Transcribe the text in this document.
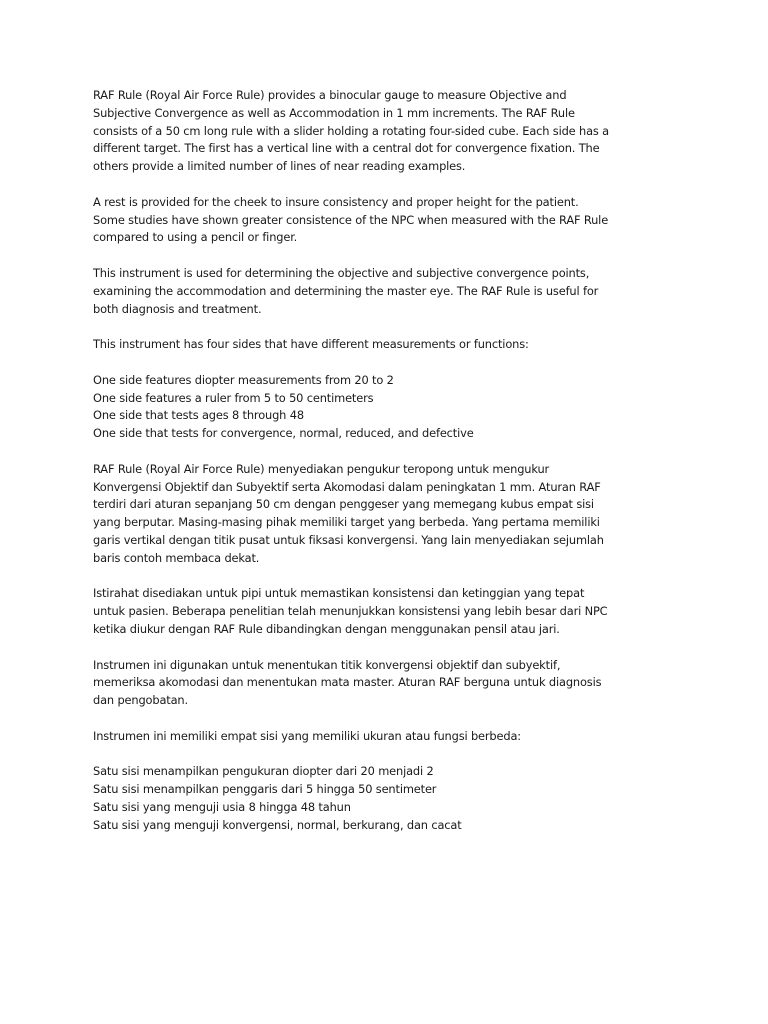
RAF Rule (Royal Air Force Rule) provides a binocular gauge to measure Objective and
Subjective Convergence as well as Accommodation in 1 mm increments. The RAF Rule
consists of a 50 cm long rule with a slider holding a rotating four-sided cube. Each side has a
different target. The first has a vertical line with a central dot for convergence fixation. The
others provide a limited number of lines of near reading examples.

A rest is provided for the cheek to insure consistency and proper height for the patient.
Some studies have shown greater consistence of the NPC when measured with the RAF Rule
compared to using a pencil or finger.

This instrument is used for determining the objective and subjective convergence points,
examining the accommodation and determining the master eye. The RAF Rule is useful for
both diagnosis and treatment.

This instrument has four sides that have different measurements or functions:

One side features diopter measurements from 20 to 2
One side features a ruler from 5 to 50 centimeters
One side that tests ages 8 through 48
One side that tests for convergence, normal, reduced, and defective

RAF Rule (Royal Air Force Rule) menyediakan pengukur teropong untuk mengukur
Konvergensi Objektif dan Subyektif serta Akomodasi dalam peningkatan 1 mm. Aturan RAF
terdiri dari aturan sepanjang 50 cm dengan penggeser yang memegang kubus empat sisi
yang berputar. Masing-masing pihak memiliki target yang berbeda. Yang pertama memiliki
garis vertikal dengan titik pusat untuk fiksasi konvergensi. Yang lain menyediakan sejumlah
baris contoh membaca dekat.

Istirahat disediakan untuk pipi untuk memastikan konsistensi dan ketinggian yang tepat
untuk pasien. Beberapa penelitian telah menunjukkan konsistensi yang lebih besar dari NPC
ketika diukur dengan RAF Rule dibandingkan dengan menggunakan pensil atau jari.

Instrumen ini digunakan untuk menentukan titik konvergensi objektif dan subyektif,
memeriksa akomodasi dan menentukan mata master. Aturan RAF berguna untuk diagnosis
dan pengobatan.

Instrumen ini memiliki empat sisi yang memiliki ukuran atau fungsi berbeda:

Satu sisi menampilkan pengukuran diopter dari 20 menjadi 2
Satu sisi menampilkan penggaris dari 5 hingga 50 sentimeter
Satu sisi yang menguji usia 8 hingga 48 tahun
Satu sisi yang menguji konvergensi, normal, berkurang, dan cacat
